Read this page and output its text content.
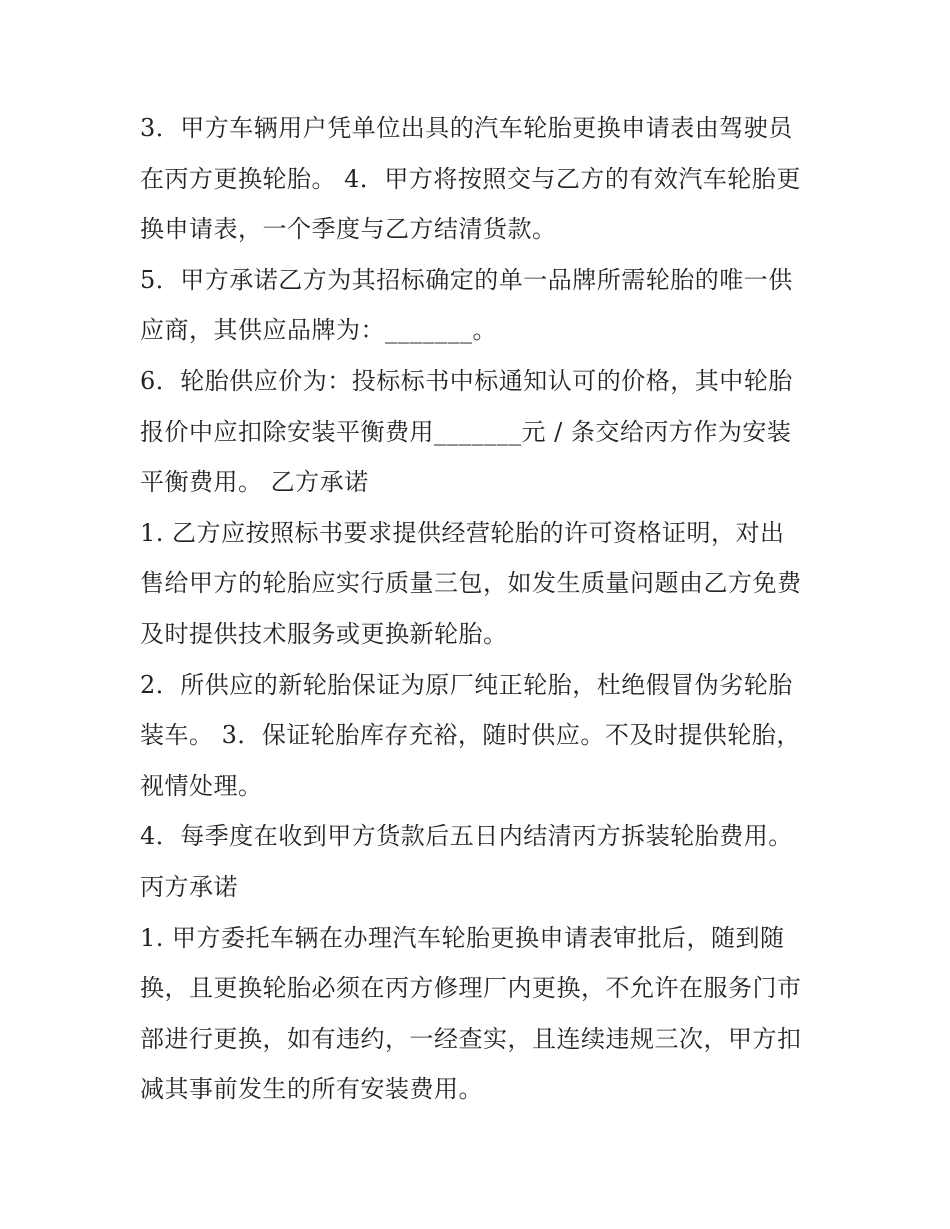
3．甲方车辆用户凭单位出具的汽车轮胎更换申请表由驾驶员
在丙方更换轮胎。 4．甲方将按照交与乙方的有效汽车轮胎更
换申请表，一个季度与乙方结清货款。
5．甲方承诺乙方为其招标确定的单一品牌所需轮胎的唯一供
应商，其供应品牌为：_______。
6．轮胎供应价为：投标标书中标通知认可的价格，其中轮胎
报价中应扣除安装平衡费用_______元 / 条交给丙方作为安装
平衡费用。 乙方承诺
1. 乙方应按照标书要求提供经营轮胎的许可资格证明，对出
售给甲方的轮胎应实行质量三包，如发生质量问题由乙方免费
及时提供技术服务或更换新轮胎。
2．所供应的新轮胎保证为原厂纯正轮胎，杜绝假冒伪劣轮胎
装车。 3．保证轮胎库存充裕，随时供应。不及时提供轮胎，
视情处理。
4．每季度在收到甲方货款后五日内结清丙方拆装轮胎费用。
丙方承诺
1. 甲方委托车辆在办理汽车轮胎更换申请表审批后，随到随
换，且更换轮胎必须在丙方修理厂内更换，不允许在服务门市
部进行更换，如有违约，一经查实，且连续违规三次，甲方扣
减其事前发生的所有安装费用。
